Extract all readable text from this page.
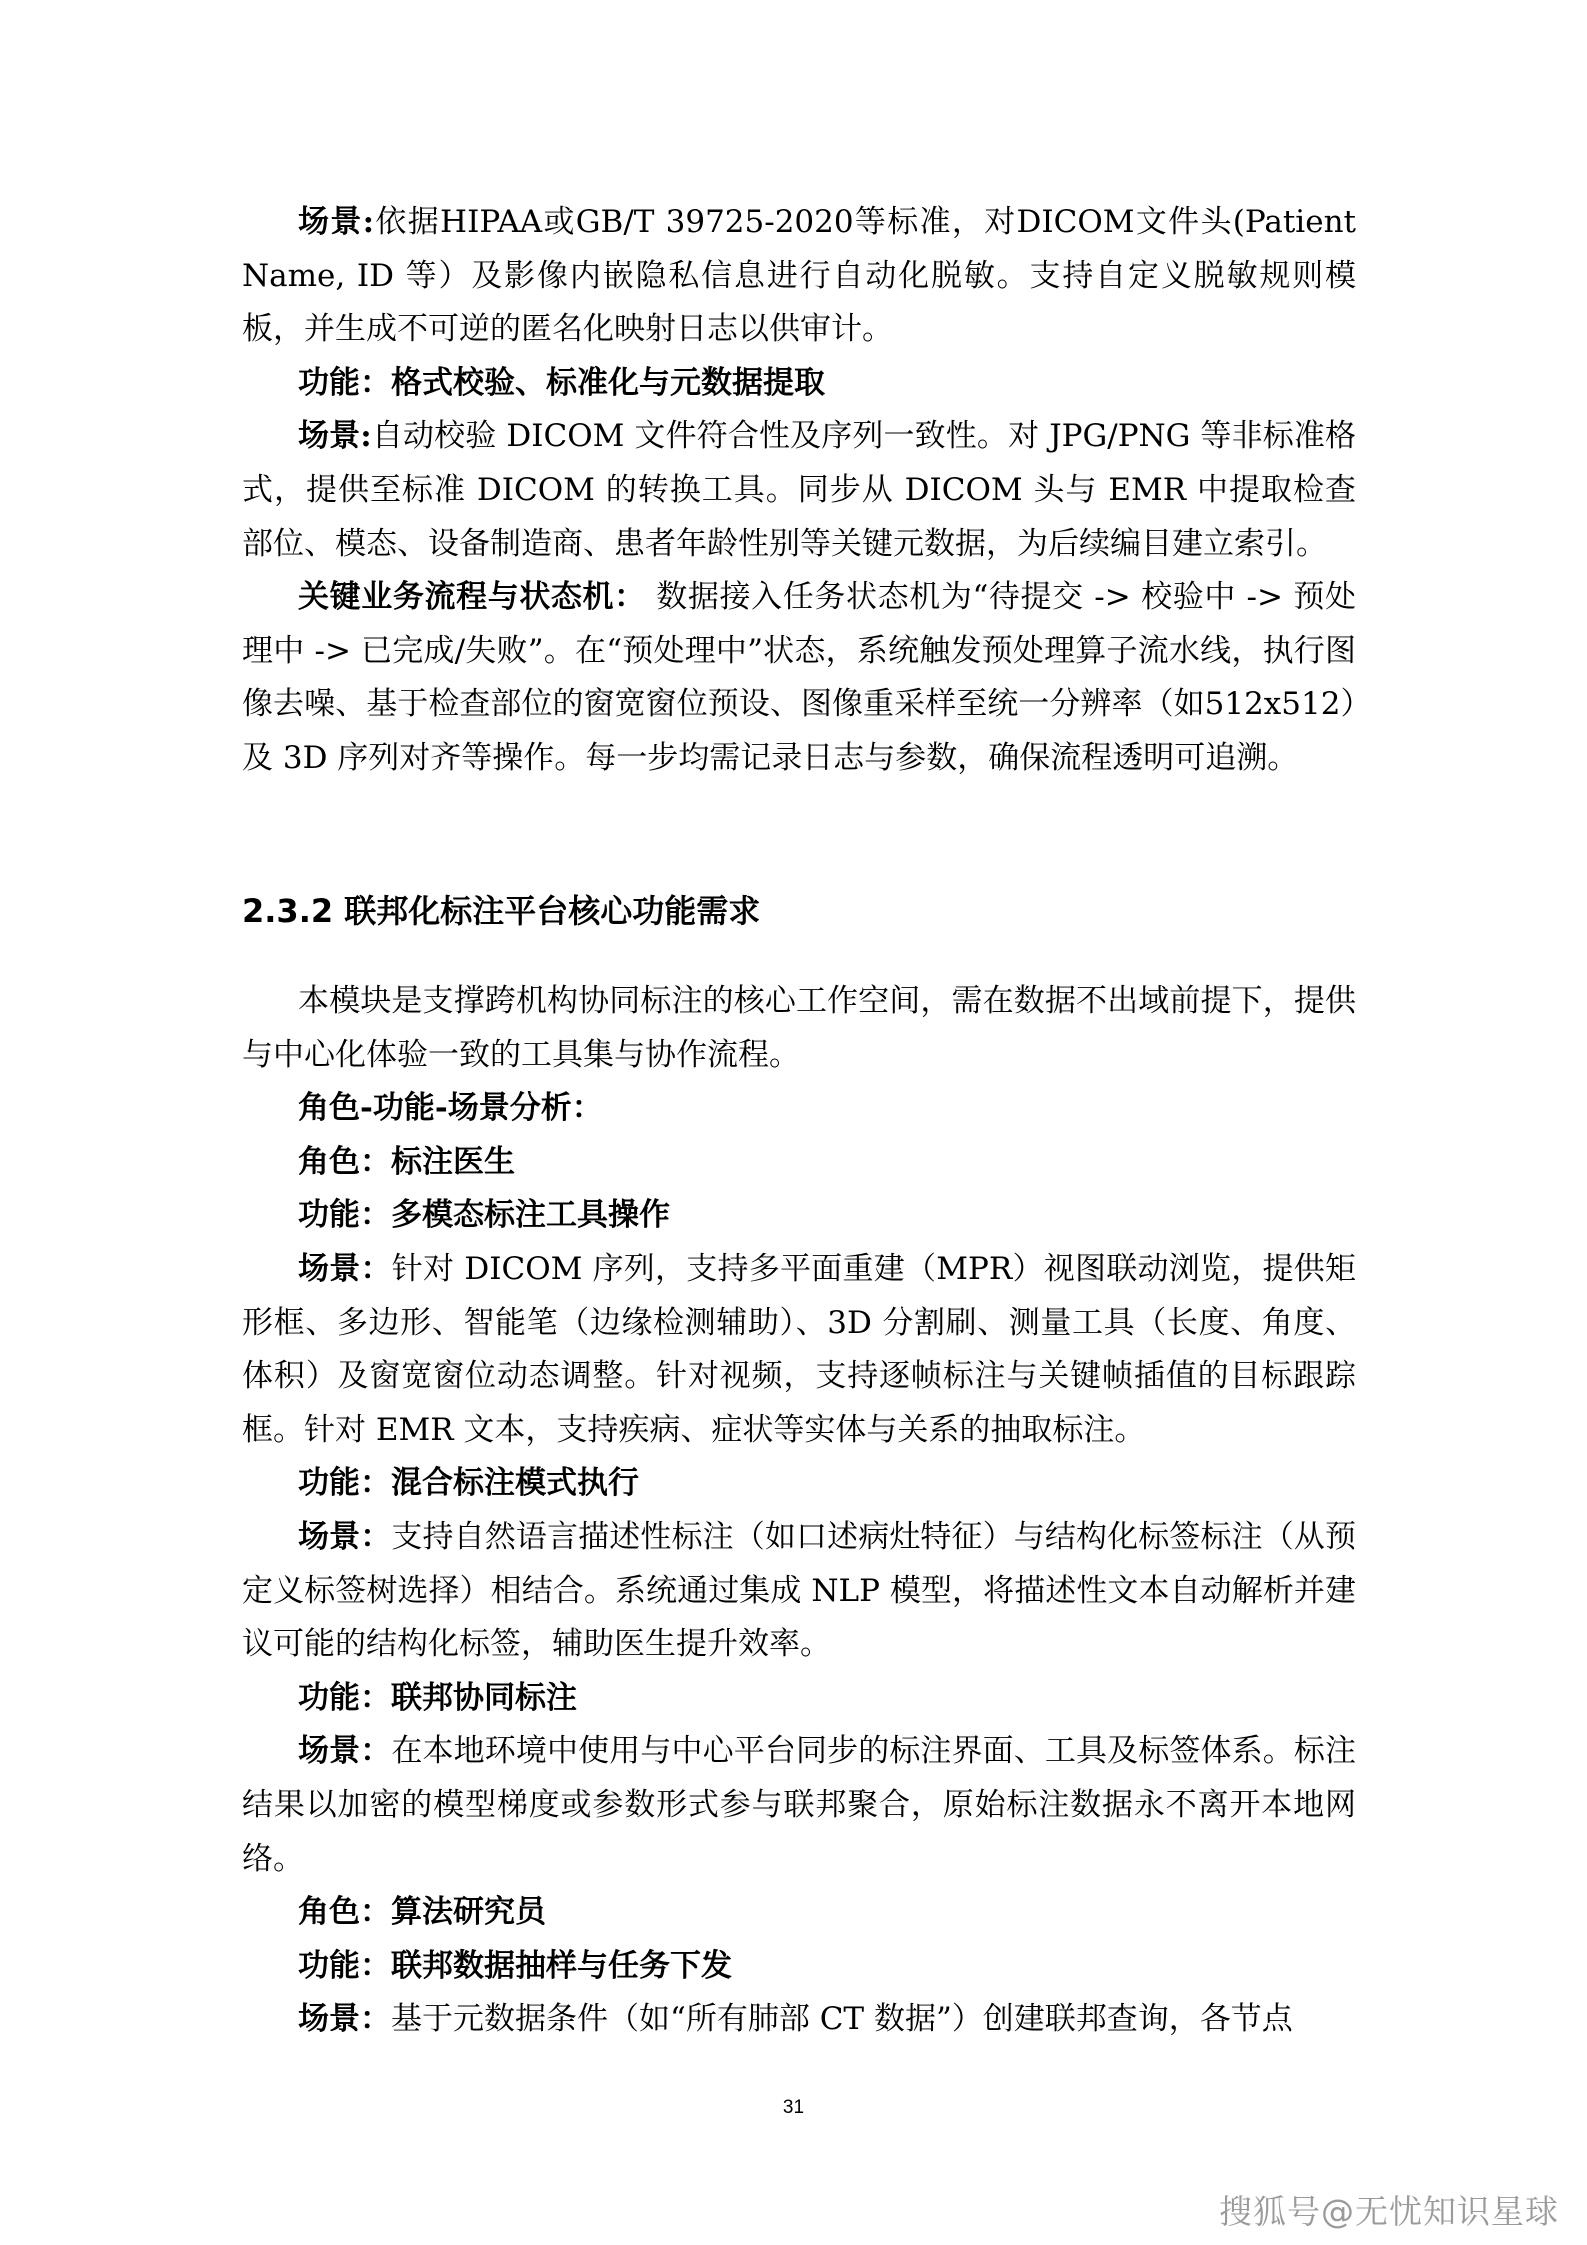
场景:依据HIPAA或GB/T 39725-2020等标准，对DICOM文件头(Patient Name, ID 等）及影像内嵌隐私信息进行自动化脱敏。支持自定义脱敏规则模板，并生成不可逆的匿名化映射日志以供审计。

功能：格式校验、标准化与元数据提取

场景:自动校验 DICOM 文件符合性及序列一致性。对 JPG/PNG 等非标准格式，提供至标准 DICOM 的转换工具。同步从 DICOM 头与 EMR 中提取检查部位、模态、设备制造商、患者年龄性别等关键元数据，为后续编目建立索引。

关键业务流程与状态机： 数据接入任务状态机为“待提交 -> 校验中 -> 预处理中 -> 已完成/失败”。在“预处理中”状态，系统触发预处理算子流水线，执行图像去噪、基于检查部位的窗宽窗位预设、图像重采样至统一分辨率（如512x512）及 3D 序列对齐等操作。每一步均需记录日志与参数，确保流程透明可追溯。

2.3.2 联邦化标注平台核心功能需求

本模块是支撑跨机构协同标注的核心工作空间，需在数据不出域前提下，提供与中心化体验一致的工具集与协作流程。

角色-功能-场景分析：

角色：标注医生

功能：多模态标注工具操作

场景：针对 DICOM 序列，支持多平面重建（MPR）视图联动浏览，提供矩形框、多边形、智能笔（边缘检测辅助）、3D 分割刷、测量工具（长度、角度、体积）及窗宽窗位动态调整。针对视频，支持逐帧标注与关键帧插值的目标跟踪框。针对 EMR 文本，支持疾病、症状等实体与关系的抽取标注。

功能：混合标注模式执行

场景：支持自然语言描述性标注（如口述病灶特征）与结构化标签标注（从预定义标签树选择）相结合。系统通过集成 NLP 模型，将描述性文本自动解析并建议可能的结构化标签，辅助医生提升效率。

功能：联邦协同标注

场景：在本地环境中使用与中心平台同步的标注界面、工具及标签体系。标注结果以加密的模型梯度或参数形式参与联邦聚合，原始标注数据永不离开本地网络。

角色：算法研究员

功能：联邦数据抽样与任务下发

场景：基于元数据条件（如“所有肺部 CT 数据”）创建联邦查询，各节点

31
搜狐号@无忧知识星球
